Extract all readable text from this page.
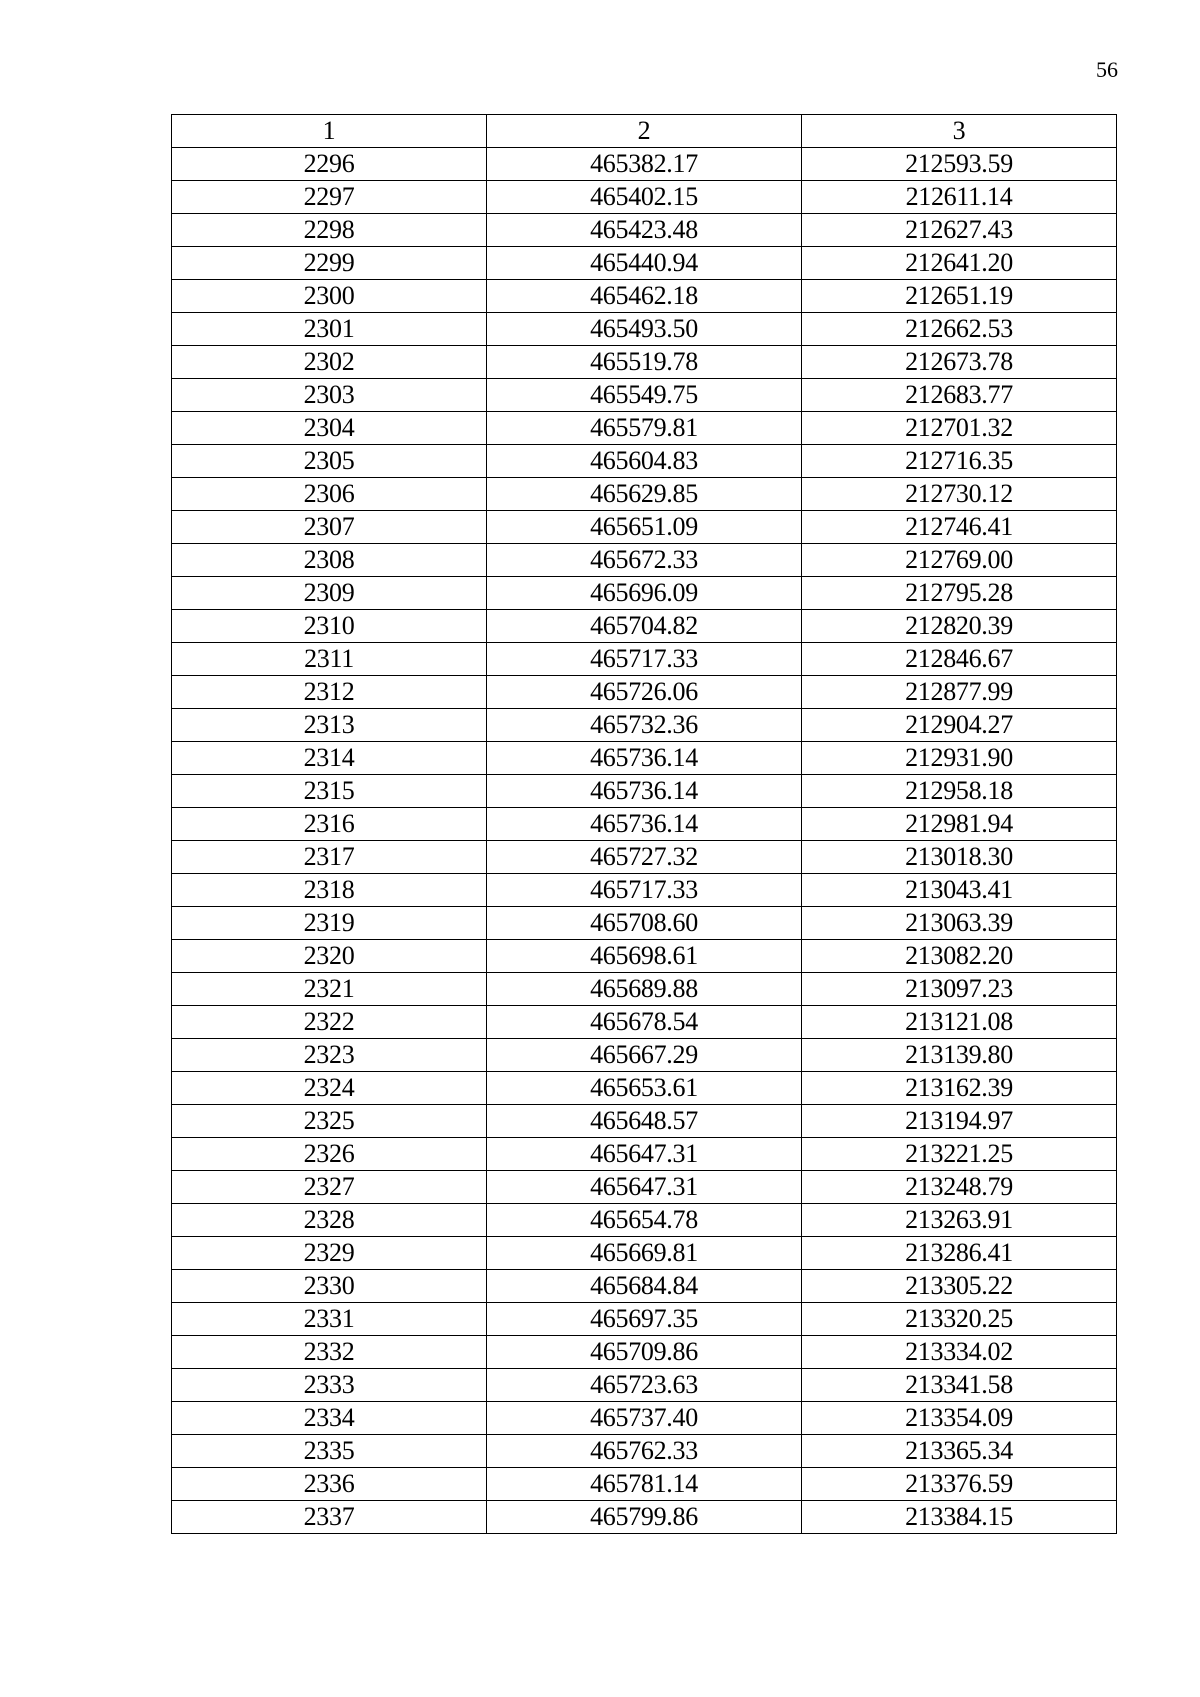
56
1	2	3
2296	465382.17	212593.59
2297	465402.15	212611.14
2298	465423.48	212627.43
2299	465440.94	212641.20
2300	465462.18	212651.19
2301	465493.50	212662.53
2302	465519.78	212673.78
2303	465549.75	212683.77
2304	465579.81	212701.32
2305	465604.83	212716.35
2306	465629.85	212730.12
2307	465651.09	212746.41
2308	465672.33	212769.00
2309	465696.09	212795.28
2310	465704.82	212820.39
2311	465717.33	212846.67
2312	465726.06	212877.99
2313	465732.36	212904.27
2314	465736.14	212931.90
2315	465736.14	212958.18
2316	465736.14	212981.94
2317	465727.32	213018.30
2318	465717.33	213043.41
2319	465708.60	213063.39
2320	465698.61	213082.20
2321	465689.88	213097.23
2322	465678.54	213121.08
2323	465667.29	213139.80
2324	465653.61	213162.39
2325	465648.57	213194.97
2326	465647.31	213221.25
2327	465647.31	213248.79
2328	465654.78	213263.91
2329	465669.81	213286.41
2330	465684.84	213305.22
2331	465697.35	213320.25
2332	465709.86	213334.02
2333	465723.63	213341.58
2334	465737.40	213354.09
2335	465762.33	213365.34
2336	465781.14	213376.59
2337	465799.86	213384.15
